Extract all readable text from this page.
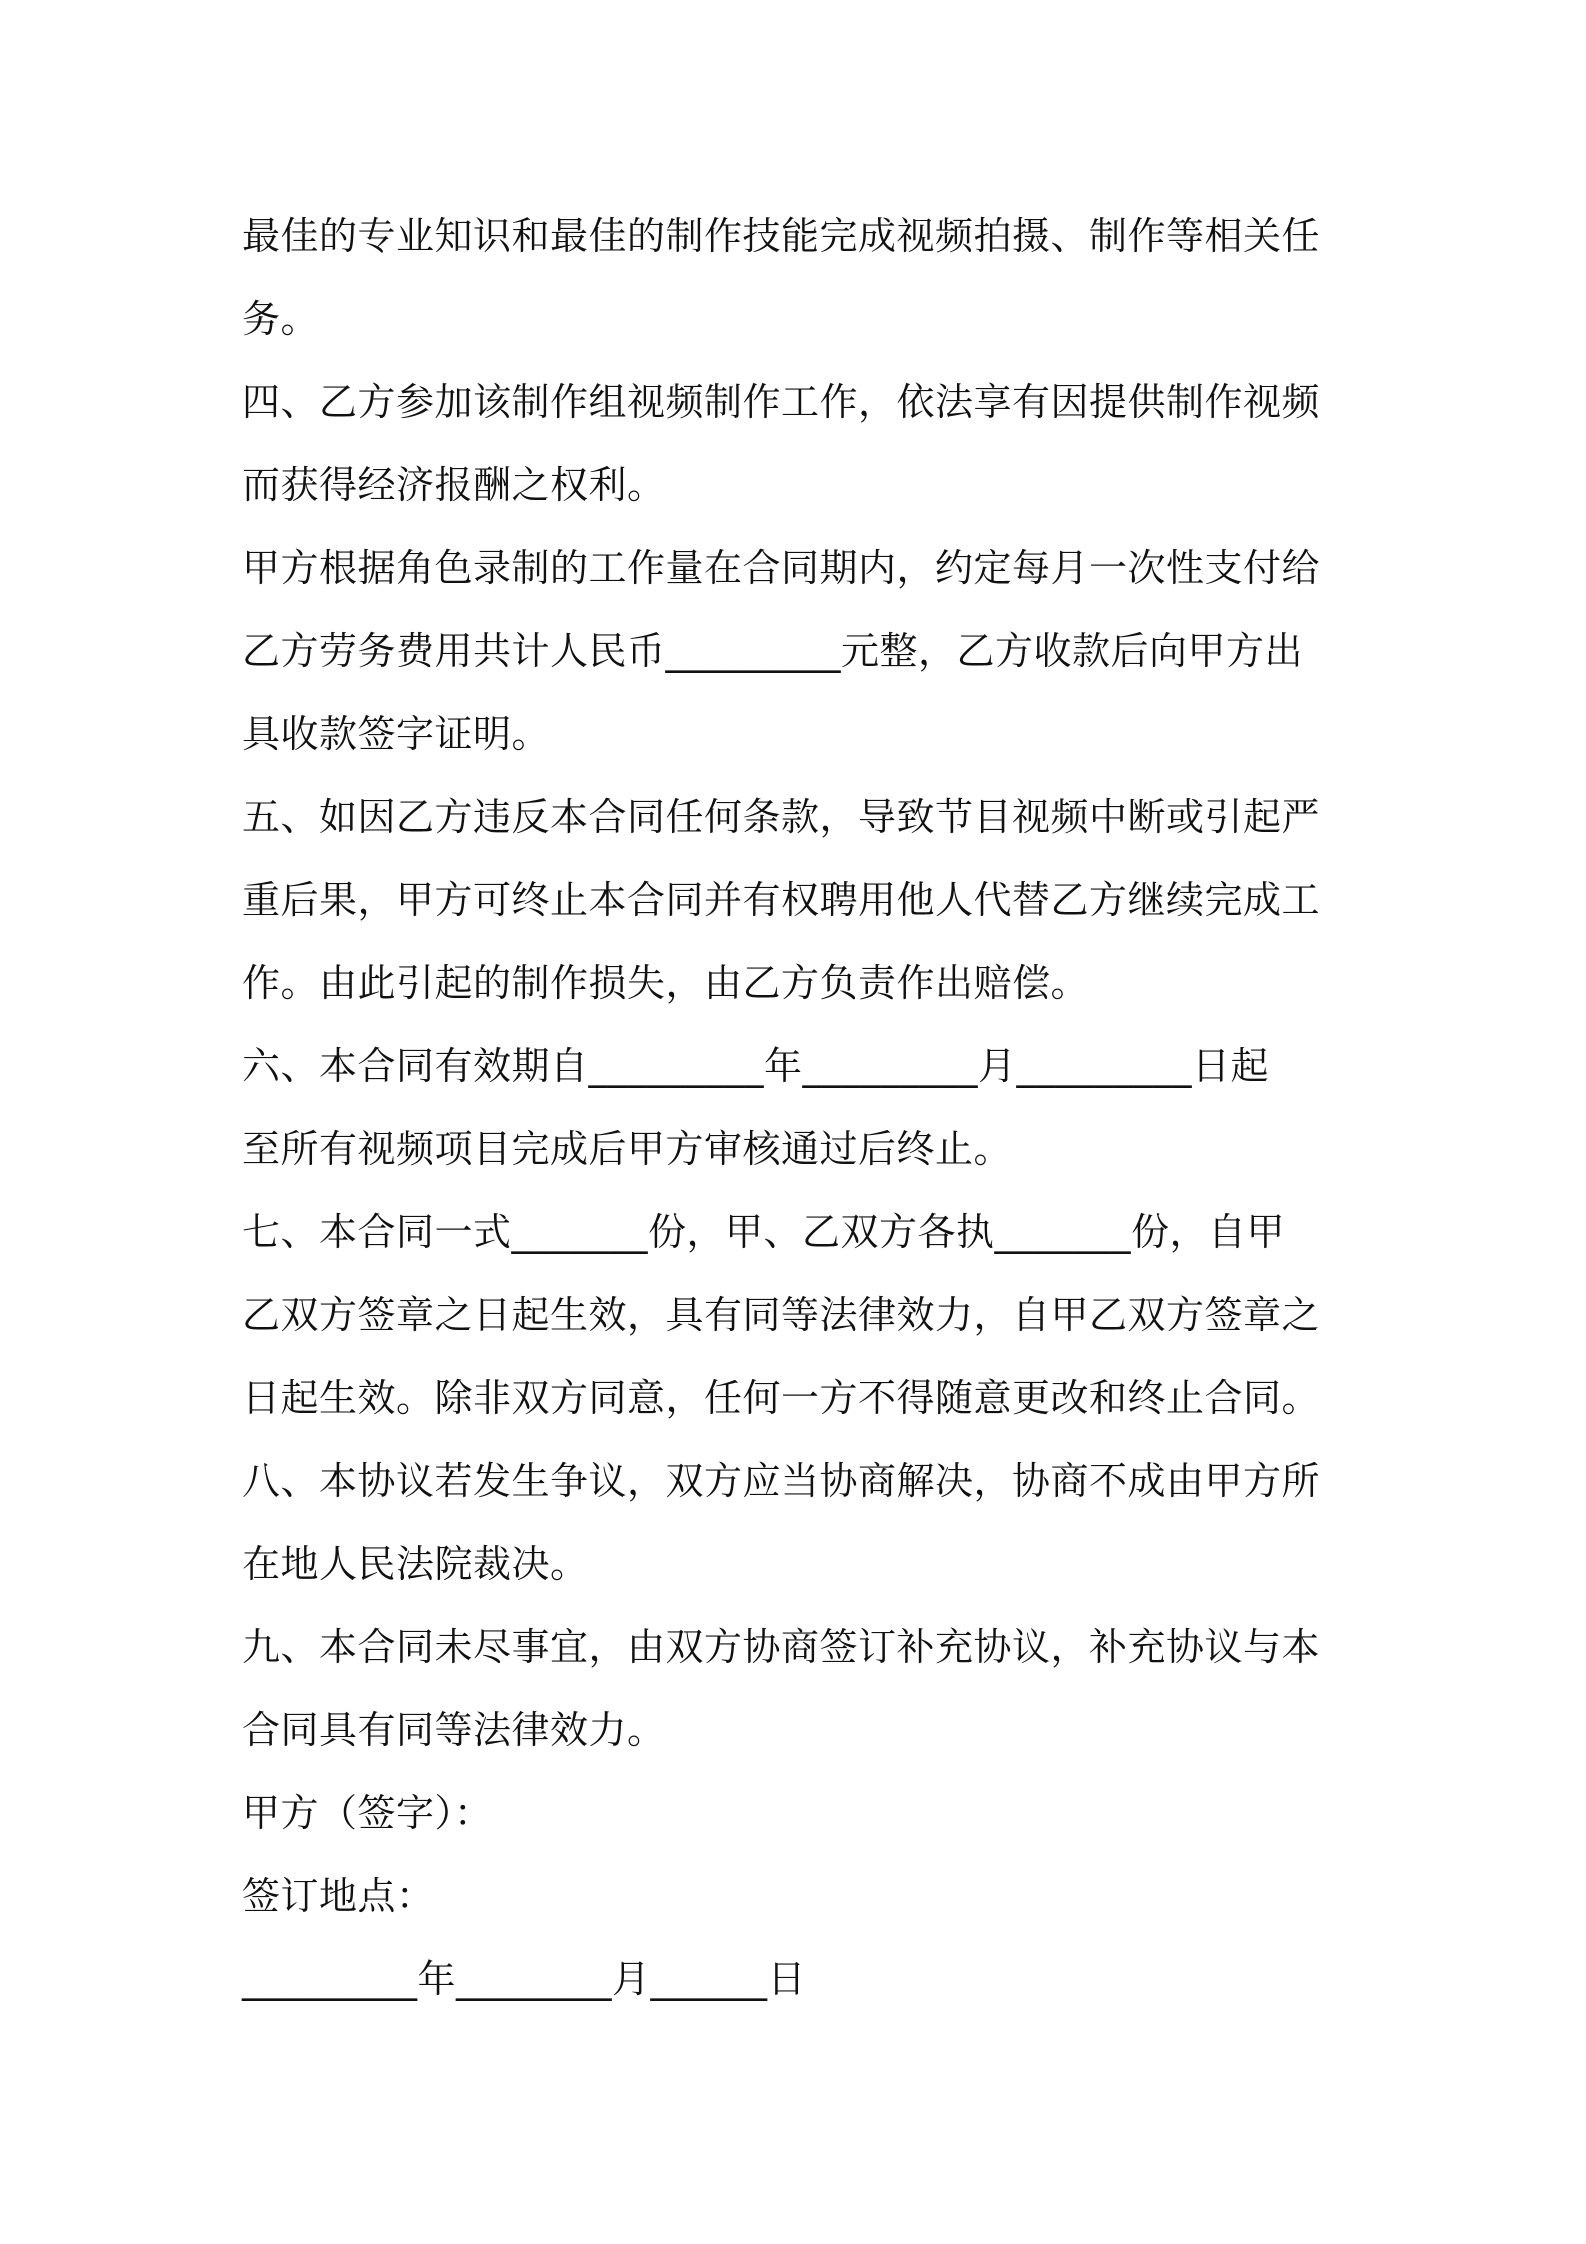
最佳的专业知识和最佳的制作技能完成视频拍摄、制作等相关任
务。
四、乙方参加该制作组视频制作工作，依法享有因提供制作视频
而获得经济报酬之权利。
甲方根据角色录制的工作量在合同期内，约定每月一次性支付给
乙方劳务费用共计人民币_________元整，乙方收款后向甲方出
具收款签字证明。
五、如因乙方违反本合同任何条款，导致节目视频中断或引起严
重后果，甲方可终止本合同并有权聘用他人代替乙方继续完成工
作。由此引起的制作损失，由乙方负责作出赔偿。
六、本合同有效期自_________年_________月_________日起
至所有视频项目完成后甲方审核通过后终止。
七、本合同一式_______份，甲、乙双方各执_______份，自甲
乙双方签章之日起生效，具有同等法律效力，自甲乙双方签章之
日起生效。除非双方同意，任何一方不得随意更改和终止合同。
八、本协议若发生争议，双方应当协商解决，协商不成由甲方所
在地人民法院裁决。
九、本合同未尽事宜，由双方协商签订补充协议，补充协议与本
合同具有同等法律效力。
甲方（签字）：
签订地点：
_________年________月______日
